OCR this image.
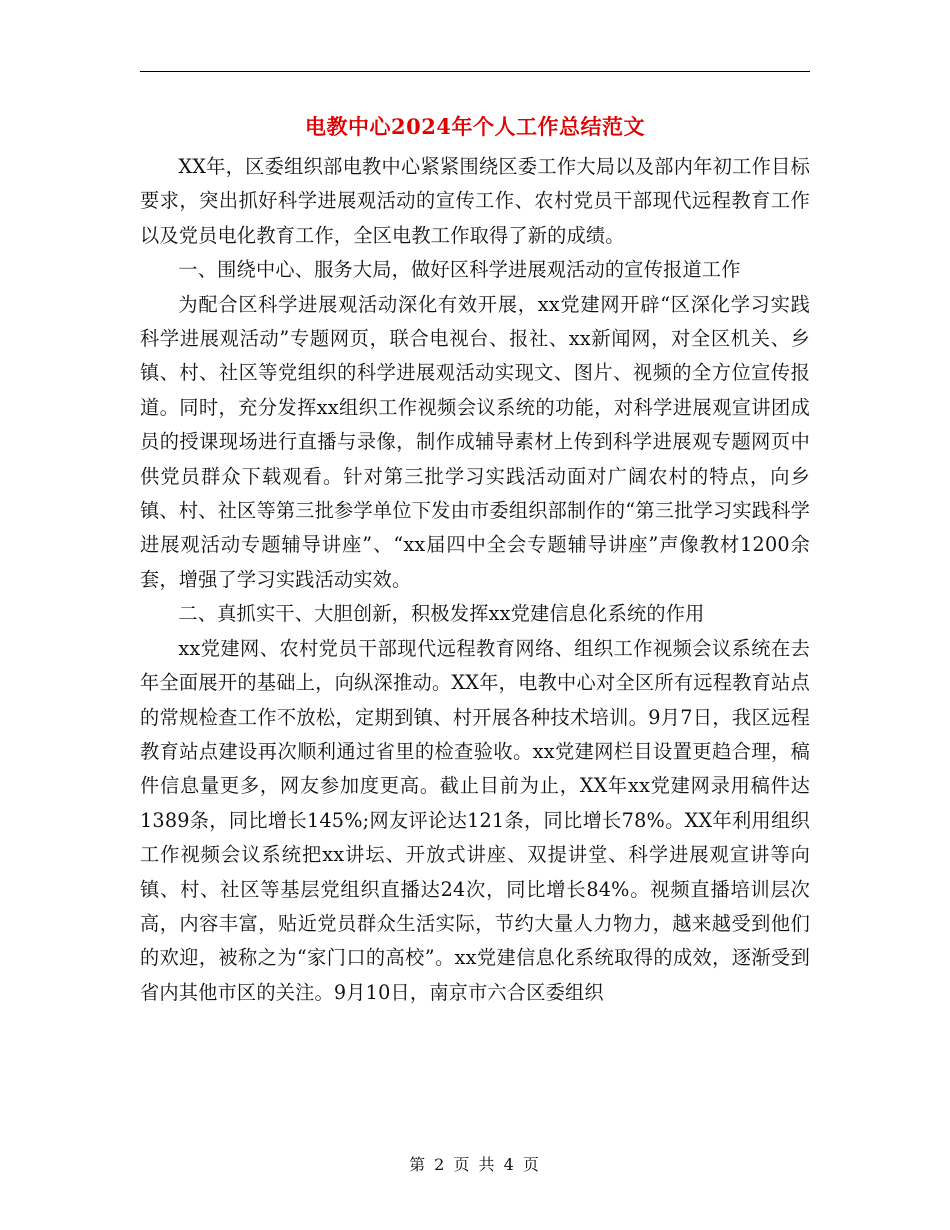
电教中心2024年个人工作总结范文

XX年，区委组织部电教中心紧紧围绕区委工作大局以及部内年初工作目标要求，突出抓好科学进展观活动的宣传工作、农村党员干部现代远程教育工作以及党员电化教育工作，全区电教工作取得了新的成绩。

一、围绕中心、服务大局，做好区科学进展观活动的宣传报道工作

为配合区科学进展观活动深化有效开展，xx党建网开辟“区深化学习实践科学进展观活动”专题网页，联合电视台、报社、xx新闻网，对全区机关、乡镇、村、社区等党组织的科学进展观活动实现文、图片、视频的全方位宣传报道。同时，充分发挥xx组织工作视频会议系统的功能，对科学进展观宣讲团成员的授课现场进行直播与录像，制作成辅导素材上传到科学进展观专题网页中供党员群众下载观看。针对第三批学习实践活动面对广阔农村的特点，向乡镇、村、社区等第三批参学单位下发由市委组织部制作的“第三批学习实践科学进展观活动专题辅导讲座”、“xx届四中全会专题辅导讲座”声像教材1200余套，增强了学习实践活动实效。

二、真抓实干、大胆创新，积极发挥xx党建信息化系统的作用

xx党建网、农村党员干部现代远程教育网络、组织工作视频会议系统在去年全面展开的基础上，向纵深推动。XX年，电教中心对全区所有远程教育站点的常规检查工作不放松，定期到镇、村开展各种技术培训。9月7日，我区远程教育站点建设再次顺利通过省里的检查验收。xx党建网栏目设置更趋合理，稿件信息量更多，网友参加度更高。截止目前为止，XX年xx党建网录用稿件达1389条，同比增长145%;网友评论达121条，同比增长78%。XX年利用组织工作视频会议系统把xx讲坛、开放式讲座、双提讲堂、科学进展观宣讲等向镇、村、社区等基层党组织直播达24次，同比增长84%。视频直播培训层次高，内容丰富，贴近党员群众生活实际，节约大量人力物力，越来越受到他们的欢迎，被称之为“家门口的高校”。xx党建信息化系统取得的成效，逐渐受到省内其他市区的关注。9月10日，南京市六合区委组织

第 2 页 共 4 页
